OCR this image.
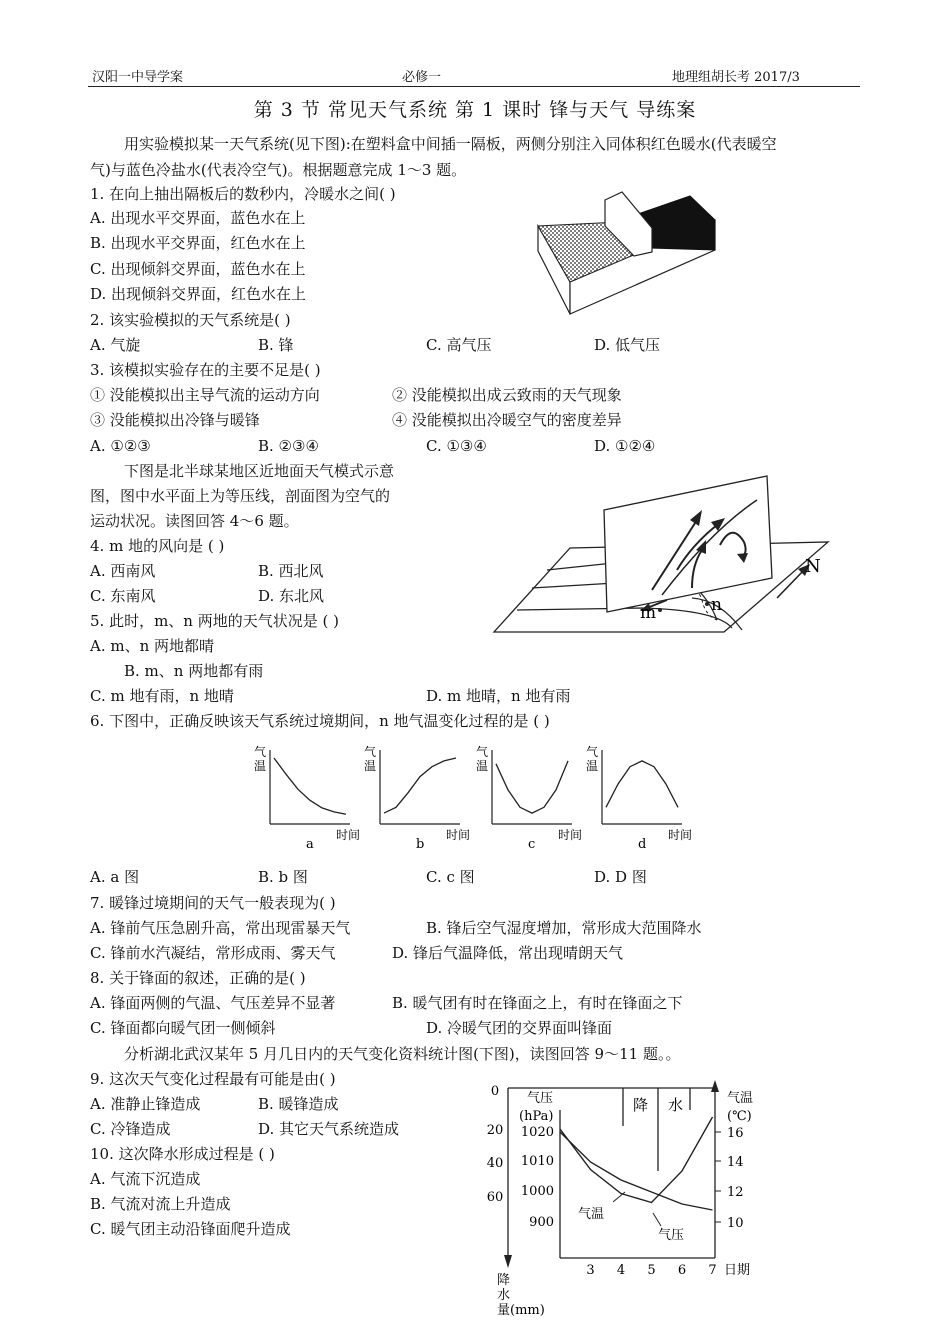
汉阳一中导学案	必修一	地理组胡长考 2017/3
第 3 节 常见天气系统 第 1 课时 锋与天气 导练案
用实验模拟某一天气系统(见下图):在塑料盒中间插一隔板，两侧分别注入同体积红色暖水(代表暖空
气)与蓝色冷盐水(代表冷空气)。根据题意完成 1～3 题。
1. 在向上抽出隔板后的数秒内，冷暖水之间( )
A. 出现水平交界面，蓝色水在上
B. 出现水平交界面，红色水在上
C. 出现倾斜交界面，蓝色水在上
D. 出现倾斜交界面，红色水在上
2. 该实验模拟的天气系统是( )
A. 气旋	B. 锋	C. 高气压	D. 低气压
3. 该模拟实验存在的主要不足是( )
① 没能模拟出主导气流的运动方向	② 没能模拟出成云致雨的天气现象
③ 没能模拟出冷锋与暖锋	④ 没能模拟出冷暖空气的密度差异
A. ①②③	B. ②③④	C. ①③④	D. ①②④
下图是北半球某地区近地面天气模式示意
图，图中水平面上为等压线，剖面图为空气的
运动状况。读图回答 4～6 题。
4. m 地的风向是 ( )
A. 西南风	B. 西北风
C. 东南风	D. 东北风
5. 此时，m、n 两地的天气状况是 ( )
A. m、n 两地都晴
B. m、n 两地都有雨
C. m 地有雨，n 地晴	D. m 地晴，n 地有雨
6. 下图中，正确反映该天气系统过境期间，n 地气温变化过程的是 ( )
A. a 图	B. b 图	C. c 图	D. D 图
7. 暖锋过境期间的天气一般表现为( )
A. 锋前气压急剧升高，常出现雷暴天气	B. 锋后空气湿度增加，常形成大范围降水
C. 锋前水汽凝结，常形成雨、雾天气	D. 锋后气温降低，常出现晴朗天气
8. 关于锋面的叙述，正确的是( )
A. 锋面两侧的气温、气压差异不显著	B. 暖气团有时在锋面之上，有时在锋面之下
C. 锋面都向暖气团一侧倾斜	D. 冷暖气团的交界面叫锋面
分析湖北武汉某年 5 月几日内的天气变化资料统计图(下图)，读图回答 9～11 题。。
9. 这次天气变化过程最有可能是由( )
A. 准静止锋造成	B. 暖锋造成
C. 冷锋造成	D. 其它天气系统造成
10. 这次降水形成过程是 ( )
A. 气流下沉造成
B. 气流对流上升造成
C. 暖气团主动沿锋面爬升造成
N
m	n
气
温
时间
a
气
温
时间
b
气
温
时间
c
气
温
时间
d
0
20
40
60
降 水
气压
(hPa)
气温
(℃)
日期
降
水
量(mm)
气温
气压
1020
1010
1000
900
16
14
12
10
3 4 5 6 7
